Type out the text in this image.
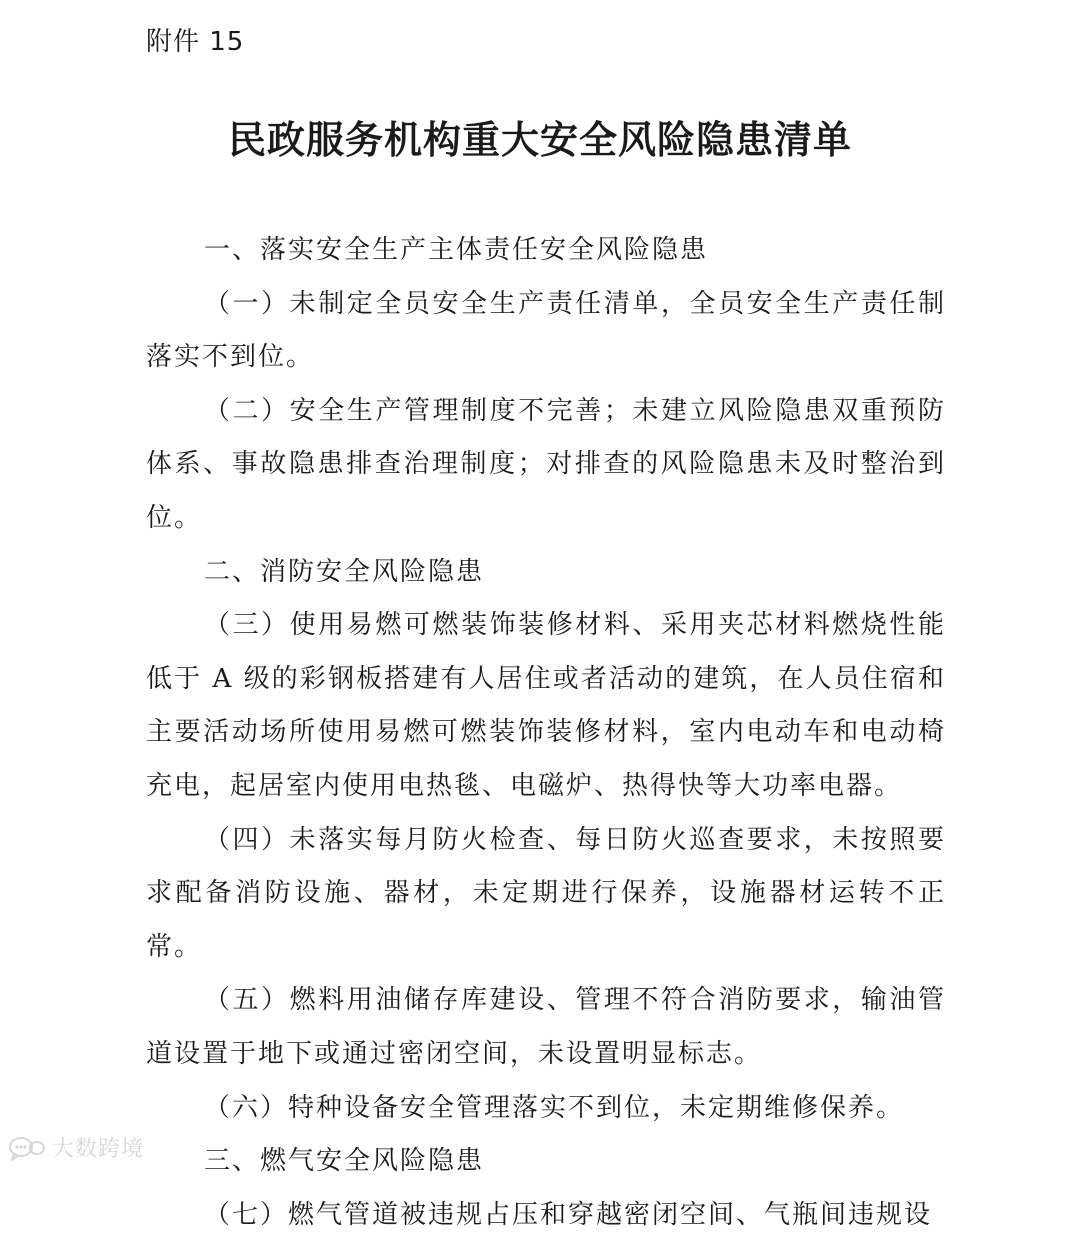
附件 15
民政服务机构重大安全风险隐患清单
一、落实安全生产主体责任安全风险隐患

（一）未制定全员安全生产责任清单，全员安全生产责任制落实不到位。

（二）安全生产管理制度不完善；未建立风险隐患双重预防体系、事故隐患排查治理制度；对排查的风险隐患未及时整治到位。

二、消防安全风险隐患

（三）使用易燃可燃装饰装修材料、采用夹芯材料燃烧性能低于 A 级的彩钢板搭建有人居住或者活动的建筑，在人员住宿和主要活动场所使用易燃可燃装饰装修材料，室内电动车和电动椅充电，起居室内使用电热毯、电磁炉、热得快等大功率电器。

（四）未落实每月防火检查、每日防火巡查要求，未按照要求配备消防设施、器材，未定期进行保养，设施器材运转不正常。

（五）燃料用油储存库建设、管理不符合消防要求，输油管道设置于地下或通过密闭空间，未设置明显标志。

（六）特种设备安全管理落实不到位，未定期维修保养。

三、燃气安全风险隐患

（七）燃气管道被违规占压和穿越密闭空间、气瓶间违规设

大数跨境
